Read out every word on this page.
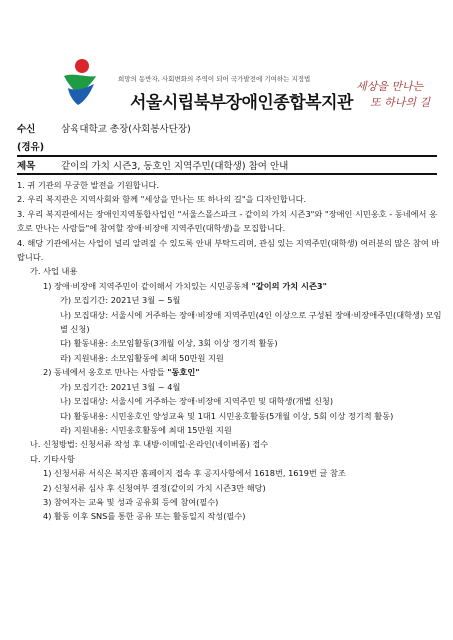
희망의 동반자, 사회변화의 주역이 되어 국가발전에 기여하는 지정법
서울시립북부장애인종합복지관
세상을 만나는
또 하나의 길
수신	삼육대학교 총장(사회봉사단장)
(경유)
제목	같이의 가치 시즌3, 동호인 지역주민(대학생) 참여 안내
1. 귀 기관의 무궁한 발전을 기원합니다.
2. 우리 복지관은 지역사회와 함께 "세상을 만나는 또 하나의 길"을 디자인합니다.
3. 우리 복지관에서는 장애인지역통합사업인 "서울스몰스파크 - 같이의 가치 시즌3"와 "장애인 시민옹호 - 동네에서 옹호로 만나는 사람들"에 참여할 장애·비장애 지역주민(대학생)을 모집합니다.
4. 해당 기관에서는 사업이 널리 알려질 수 있도록 안내 부탁드리며, 관심 있는 지역주민(대학생) 여러분의 많은 참여 바랍니다.
가. 사업 내용
1) 장애·비장애 지역주민이 같이해서 가치있는 시민공동체 "같이의 가치 시즌3"
가) 모집기간: 2021년 3월 ~ 5월
나) 모집대상: 서울시에 거주하는 장애·비장애 지역주민(4인 이상으로 구성된 장애·비장애주민(대학생) 모임별 신청)
다) 활동내용: 소모임활동(3개월 이상, 3회 이상 정기적 활동)
라) 지원내용: 소모임활동에 최대 50만원 지원
2) 동네에서 옹호로 만나는 사람들 "동호인"
가) 모집기간: 2021년 3월 ~ 4월
나) 모집대상: 서울시에 거주하는 장애·비장애 지역주민 및 대학생(개별 신청)
다) 활동내용: 시민옹호인 양성교육 및 1대1 시민옹호활동(5개월 이상, 5회 이상 정기적 활동)
라) 지원내용: 시민옹호활동에 최대 15만원 지원
나. 신청방법: 신청서류 작성 후 내방·이메일·온라인(네이버폼) 접수
다. 기타사항
1) 신청서류 서식은 복지관 홈페이지 접속 후 공지사항에서 1618번, 1619번 글 참조
2) 신청서류 심사 후 신청여부 결정(같이의 가치 시즌3만 해당)
3) 참여자는 교육 및 성과 공유회 등에 참여(필수)
4) 활동 이후 SNS를 통한 공유 또는 활동일지 작성(필수)
